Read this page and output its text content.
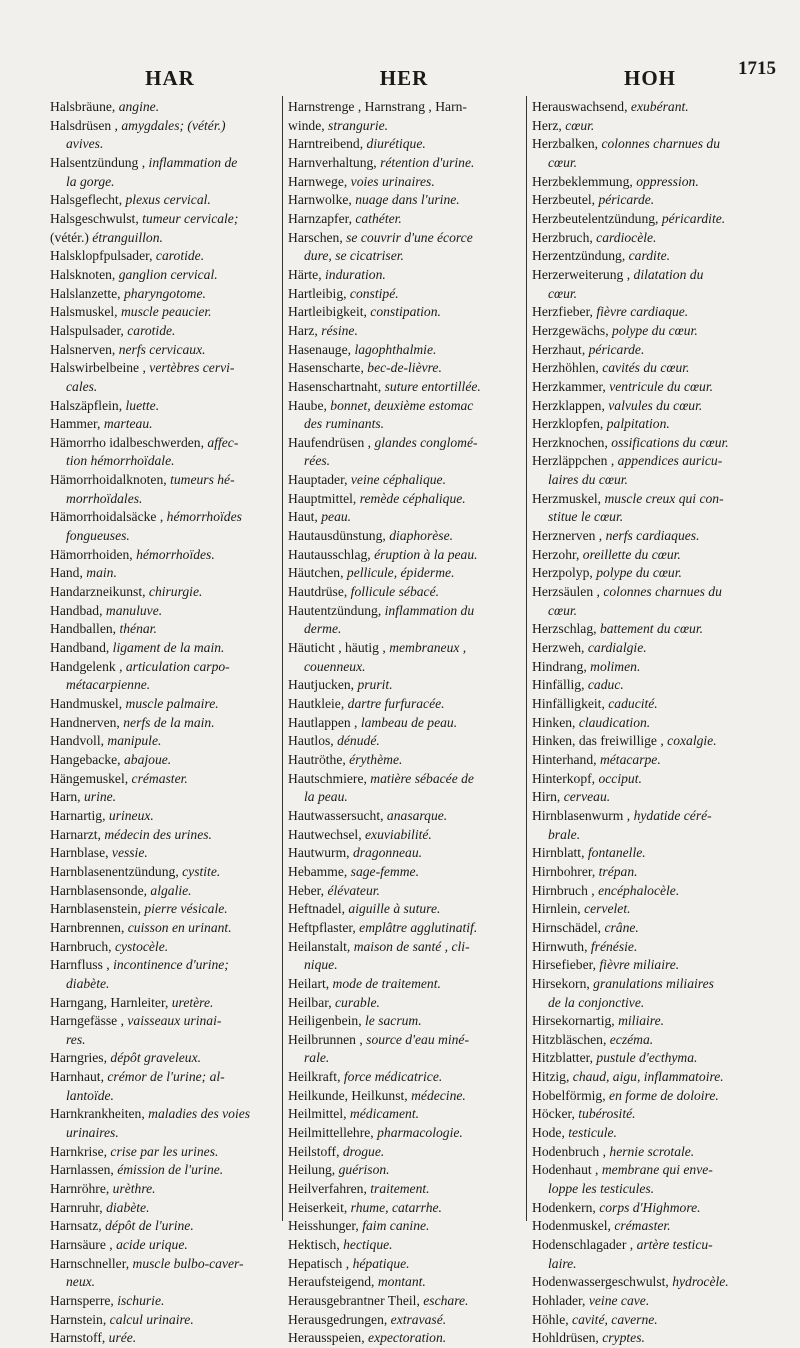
HAR	HER	HOH	1715
Halsbräune, angine.
Halsdrüsen , amygdales; (vétér.)
avives.
Halsentzündung , inflammation de
la gorge.
Halsgeflecht, plexus cervical.
Halsgeschwulst, tumeur cervicale;
(vétér.) étranguillon.
Halsklopfpulsader, carotide.
Halsknoten, ganglion cervical.
Halslanzette, pharyngotome.
Halsmuskel, muscle peaucier.
Halspulsader, carotide.
Halsnerven, nerfs cervicaux.
Halswirbelbeine , vertèbres cervi-
cales.
Halszäpflein, luette.
Hammer, marteau.
Hämorrho idalbeschwerden, affec-
tion hémorrhoïdale.
Hämorrhoidalknoten, tumeurs hé-
morrhoïdales.
Hämorrhoidalsäcke , hémorrhoïdes
fongueuses.
Hämorrhoiden, hémorrhoïdes.
Hand, main.
Handarzneikunst, chirurgie.
Handbad, manuluve.
Handballen, thénar.
Handband, ligament de la main.
Handgelenk , articulation carpo-
métacarpienne.
Handmuskel, muscle palmaire.
Handnerven, nerfs de la main.
Handvoll, manipule.
Hangebacke, abajoue.
Hängemuskel, crémaster.
Harn, urine.
Harnartig, urineux.
Harnarzt, médecin des urines.
Harnblase, vessie.
Harnblasenentzündung, cystite.
Harnblasensonde, algalie.
Harnblasenstein, pierre vésicale.
Harnbrennen, cuisson en urinant.
Harnbruch, cystocèle.
Harnfluss , incontinence d'urine;
diabète.
Harngang, Harnleiter, uretère.
Harngefässe , vaisseaux urinai-
res.
Harngries, dépôt graveleux.
Harnhaut, crémor de l'urine; al-
lantoïde.
Harnkrankheiten, maladies des voies
urinaires.
Harnkrise, crise par les urines.
Harnlassen, émission de l'urine.
Harnröhre, urèthre.
Harnruhr, diabète.
Harnsatz, dépôt de l'urine.
Harnsäure , acide urique.
Harnschneller, muscle bulbo-caver-
neux.
Harnsperre, ischurie.
Harnstein, calcul urinaire.
Harnstoff, urée.
Harnstrenge , Harnstrang , Harn-
winde, strangurie.
Harntreibend, diurétique.
Harnverhaltung, rétention d'urine.
Harnwege, voies urinaires.
Harnwolke, nuage dans l'urine.
Harnzapfer, cathéter.
Harschen, se couvrir d'une écorce
dure, se cicatriser.
Härte, induration.
Hartleibig, constipé.
Hartleibigkeit, constipation.
Harz, résine.
Hasenauge, lagophthalmie.
Hasenscharte, bec-de-lièvre.
Hasenschartnaht, suture entortillée.
Haube, bonnet, deuxième estomac
des ruminants.
Haufendrüsen , glandes conglomé-
rées.
Hauptader, veine céphalique.
Hauptmittel, remède céphalique.
Haut, peau.
Hautausdünstung, diaphorèse.
Hautausschlag, éruption à la peau.
Häutchen, pellicule, épiderme.
Hautdrüse, follicule sébacé.
Hautentzündung, inflammation du
derme.
Häuticht , häutig , membraneux ,
couenneux.
Hautjucken, prurit.
Hautkleie, dartre furfuracée.
Hautlappen , lambeau de peau.
Hautlos, dénudé.
Hautröthe, érythème.
Hautschmiere, matière sébacée de
la peau.
Hautwassersucht, anasarque.
Hautwechsel, exuviabilité.
Hautwurm, dragonneau.
Hebamme, sage-femme.
Heber, élévateur.
Heftnadel, aiguille à suture.
Heftpflaster, emplâtre agglutinatif.
Heilanstalt, maison de santé , cli-
nique.
Heilart, mode de traitement.
Heilbar, curable.
Heiligenbein, le sacrum.
Heilbrunnen , source d'eau miné-
rale.
Heilkraft, force médicatrice.
Heilkunde, Heilkunst, médecine.
Heilmittel, médicament.
Heilmittellehre, pharmacologie.
Heilstoff, drogue.
Heilung, guérison.
Heilverfahren, traitement.
Heiserkeit, rhume, catarrhe.
Heisshunger, faim canine.
Hektisch, hectique.
Hepatisch , hépatique.
Heraufsteigend, montant.
Herausgebrantner Theil, eschare.
Herausgedrungen, extravasé.
Herausspeien, expectoration.
Herauswachsend, exubérant.
Herz, cœur.
Herzbalken, colonnes charnues du
cœur.
Herzbeklemmung, oppression.
Herzbeutel, péricarde.
Herzbeutelentzündung, péricardite.
Herzbruch, cardiocèle.
Herzentzündung, cardite.
Herzerweiterung , dilatation du
cœur.
Herzfieber, fièvre cardiaque.
Herzgewächs, polype du cœur.
Herzhaut, péricarde.
Herzhöhlen, cavités du cœur.
Herzkammer, ventricule du cœur.
Herzklappen, valvules du cœur.
Herzklopfen, palpitation.
Herzknochen, ossifications du cœur.
Herzläppchen , appendices auricu-
laires du cœur.
Herzmuskel, muscle creux qui con-
stitue le cœur.
Herznerven , nerfs cardiaques.
Herzohr, oreillette du cœur.
Herzpolyp, polype du cœur.
Herzsäulen , colonnes charnues du
cœur.
Herzschlag, battement du cœur.
Herzweh, cardialgie.
Hindrang, molimen.
Hinfällig, caduc.
Hinfälligkeit, caducité.
Hinken, claudication.
Hinken, das freiwillige , coxalgie.
Hinterhand, métacarpe.
Hinterkopf, occiput.
Hirn, cerveau.
Hirnblasenwurm , hydatide céré-
brale.
Hirnblatt, fontanelle.
Hirnbohrer, trépan.
Hirnbruch , encéphalocèle.
Hirnlein, cervelet.
Hirnschädel, crâne.
Hirnwuth, frénésie.
Hirsefieber, fièvre miliaire.
Hirsekorn, granulations miliaires
de la conjonctive.
Hirsekornartig, miliaire.
Hitzbläschen, eczéma.
Hitzblatter, pustule d'ecthyma.
Hitzig, chaud, aigu, inflammatoire.
Hobelförmig, en forme de doloire.
Höcker, tubérosité.
Hode, testicule.
Hodenbruch , hernie scrotale.
Hodenhaut , membrane qui enve-
loppe les testicules.
Hodenkern, corps d'Highmore.
Hodenmuskel, crémaster.
Hodenschlagader , artère testicu-
laire.
Hodenwassergeschwulst, hydrocèle.
Hohlader, veine cave.
Höhle, cavité, caverne.
Hohldrüsen, cryptes.
